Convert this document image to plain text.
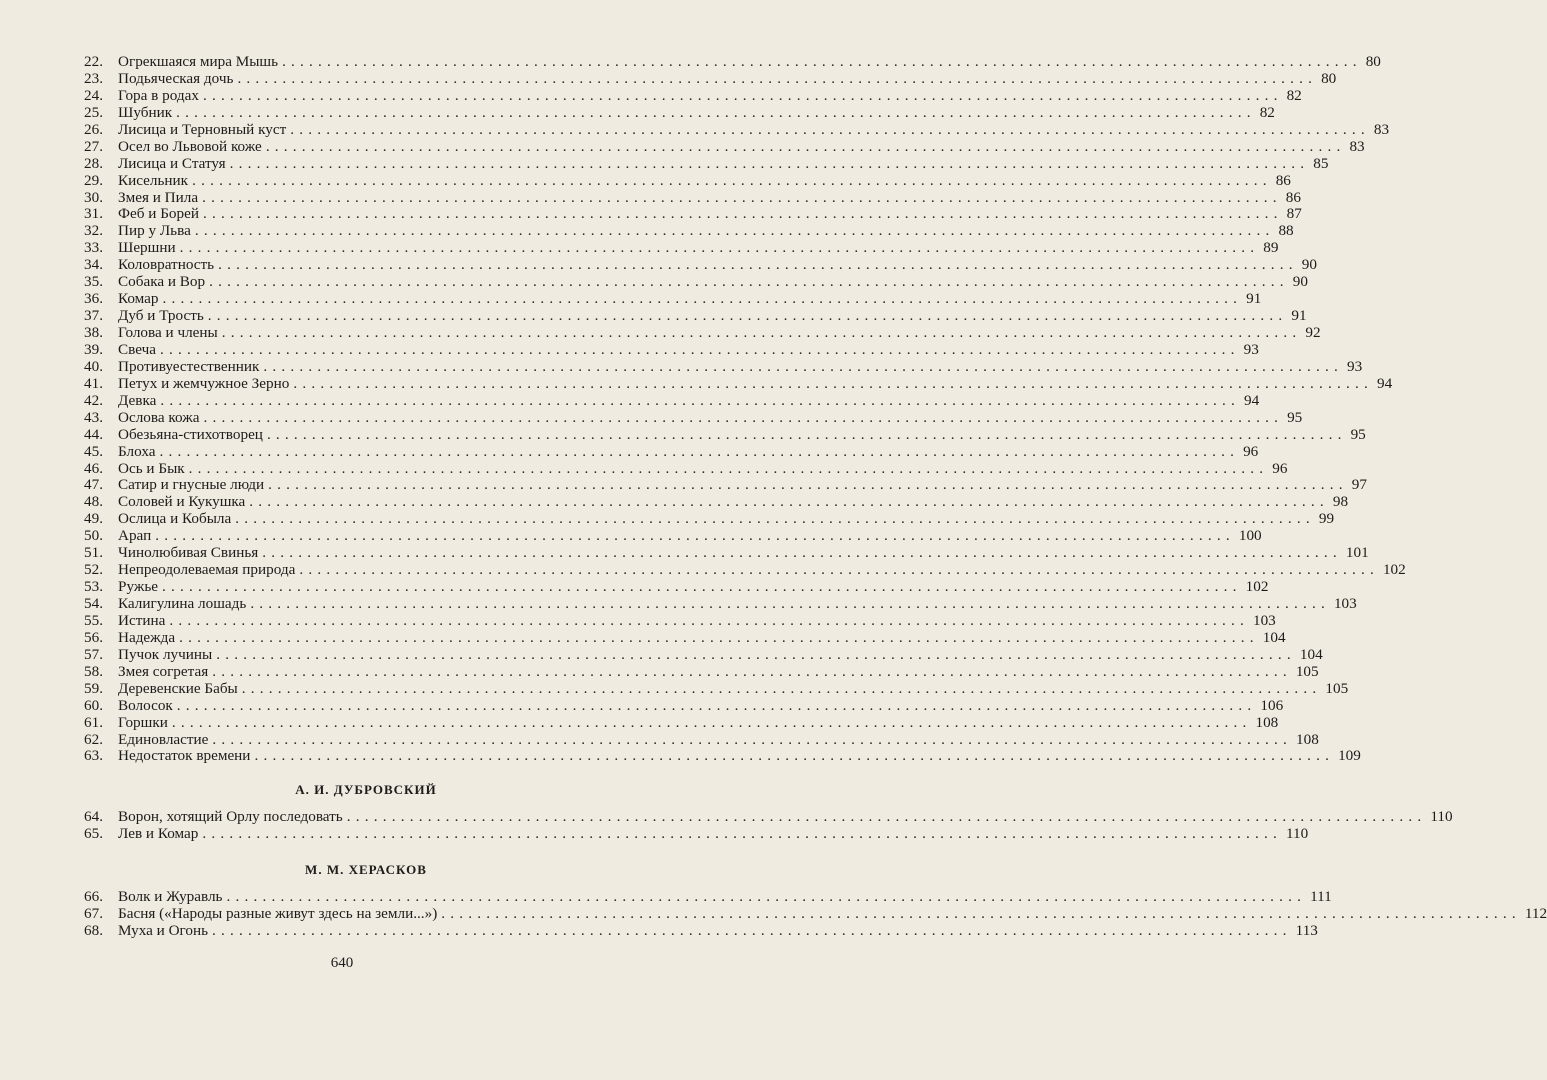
22. Огрекшаяся мира Мышь ........................................................................................................................ 80
23. Подьяческая дочь ........................................................................................................................ 80
24. Гора в родах ........................................................................................................................ 82
25. Шубник ........................................................................................................................ 82
26. Лисица и Терновный куст ........................................................................................................................ 83
27. Осел во Львовой коже ........................................................................................................................ 83
28. Лисица и Статуя ........................................................................................................................ 85
29. Кисельник ........................................................................................................................ 86
30. Змея и Пила ........................................................................................................................ 86
31. Феб и Борей ........................................................................................................................ 87
32. Пир у Льва ........................................................................................................................ 88
33. Шершни ........................................................................................................................ 89
34. Коловратность ........................................................................................................................ 90
35. Собака и Вор ........................................................................................................................ 90
36. Комар ........................................................................................................................ 91
37. Дуб и Трость ........................................................................................................................ 91
38. Голова и члены ........................................................................................................................ 92
39. Свеча ........................................................................................................................ 93
40. Противуестественник ........................................................................................................................ 93
41. Петух и жемчужное Зерно ........................................................................................................................ 94
42. Девка ........................................................................................................................ 94
43. Ослова кожа ........................................................................................................................ 95
44. Обезьяна-стихотворец ........................................................................................................................ 95
45. Блоха ........................................................................................................................ 96
46. Ось и Бык ........................................................................................................................ 96
47. Сатир и гнусные люди ........................................................................................................................ 97
48. Соловей и Кукушка ........................................................................................................................ 98
49. Ослица и Кобыла ........................................................................................................................ 99
50. Арап ........................................................................................................................ 100
51. Чинолюбивая Свинья ........................................................................................................................ 101
52. Непреодолеваемая природа ........................................................................................................................ 102
53. Ружье ........................................................................................................................ 102
54. Калигулина лошадь ........................................................................................................................ 103
55. Истина ........................................................................................................................ 103
56. Надежда ........................................................................................................................ 104
57. Пучок лучины ........................................................................................................................ 104
58. Змея согретая ........................................................................................................................ 105
59. Деревенские Бабы ........................................................................................................................ 105
60. Волосок ........................................................................................................................ 106
61. Горшки ........................................................................................................................ 108
62. Единовластие ........................................................................................................................ 108
63. Недостаток времени ........................................................................................................................ 109
А. И. ДУБРОВСКИЙ
64. Ворон, хотящий Орлу последовать ........................................................................................................................ 110
65. Лев и Комар ........................................................................................................................ 110
М. М. ХЕРАСКОВ
66. Волк и Журавль ........................................................................................................................ 111
67. Басня («Народы разные живут здесь на земли...») ........................................................................................................................ 112
68. Муха и Огонь ........................................................................................................................ 113
640
